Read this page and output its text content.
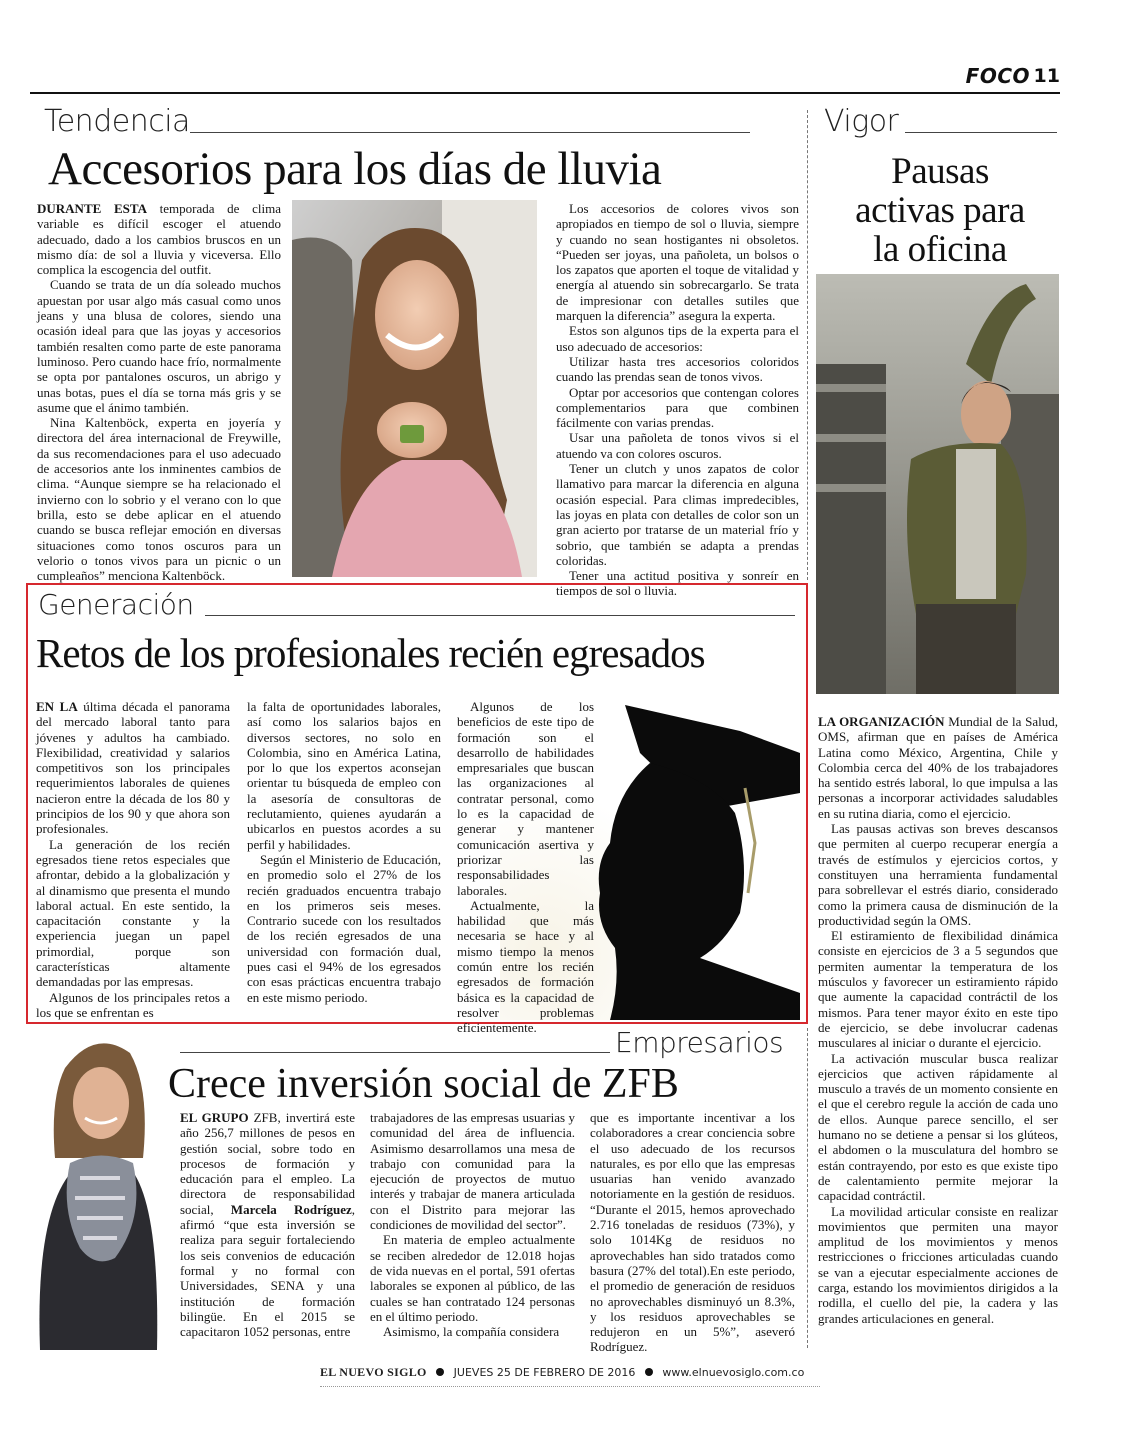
FOCO 11
Tendencia
Accesorios para los días de lluvia

DURANTE ESTA temporada de clima variable es difícil escoger el atuendo adecuado, dado a los cambios bruscos en un mismo día: de sol a lluvia y viceversa. Ello complica la escogencia del outfit.

Cuando se trata de un día soleado muchos apuestan por usar algo más casual como unos jeans y una blusa de colores, siendo una ocasión ideal para que las joyas y accesorios también resalten como parte de este panorama luminoso. Pero cuando hace frío, normalmente se opta por pantalones oscuros, un abrigo y unas botas, pues el día se torna más gris y se asume que el ánimo también.

Nina Kaltenböck, experta en joyería y directora del área internacional de Freywille, da sus recomendaciones para el uso adecuado de accesorios ante los inminentes cambios de clima. “Aunque siempre se ha relacionado el invierno con lo sobrio y el verano con lo que brilla, esto se debe aplicar en el atuendo cuando se busca reflejar emoción en diversas situaciones como tonos oscuros para un velorio o tonos vivos para un picnic o un cumpleaños” menciona Kaltenböck.

Los accesorios de colores vivos son apropiados en tiempo de sol o lluvia, siempre y cuando no sean hostigantes ni obsoletos. “Pueden ser joyas, una pañoleta, un bolsos o los zapatos que aporten el toque de vitalidad y energía al atuendo sin sobrecargarlo. Se trata de impresionar con detalles sutiles que marquen la diferencia” asegura la experta.

Estos son algunos tips de la experta para el uso adecuado de accesorios:

Utilizar hasta tres accesorios coloridos cuando las prendas sean de tonos vivos.

Optar por accesorios que contengan colores complementarios para que combinen fácilmente con varias prendas.

Usar una pañoleta de tonos vivos si el atuendo va con colores oscuros.

Tener un clutch y unos zapatos de color llamativo para marcar la diferencia en alguna ocasión especial. Para climas impredecibles, las joyas en plata con detalles de color son un gran acierto por tratarse de un material frío y sobrio, que también se adapta a prendas coloridas.

Tener una actitud positiva y sonreír en tiempos de sol o lluvia.

Vigor
Pausas
activas para
la oficina

LA ORGANIZACIÓN Mundial de la Salud, OMS, afirman que en países de América Latina como México, Argentina, Chile y Colombia cerca del 40% de los trabajadores ha sentido estrés laboral, lo que impulsa a las personas a incorporar actividades saludables en su rutina diaria, como el ejercicio.

Las pausas activas son breves descansos que permiten al cuerpo recuperar energía a través de estímulos y ejercicios cortos, y constituyen una herramienta fundamental para sobrellevar el estrés diario, considerado como la primera causa de disminución de la productividad según la OMS.

El estiramiento de flexibilidad dinámica consiste en ejercicios de 3 a 5 segundos que permiten aumentar la temperatura de los músculos y favorecer un estiramiento rápido que aumente la capacidad contráctil de los mismos. Para tener mayor éxito en este tipo de ejercicio, se debe involucrar cadenas musculares al iniciar o durante el ejercicio.

La activación muscular busca realizar ejercicios que activen rápidamente al musculo a través de un momento consiente en el que el cerebro regule la acción de cada uno de ellos. Aunque parece sencillo, el ser humano no se detiene a pensar si los glúteos, el abdomen o la musculatura del hombro se están contrayendo, por esto es que existe tipo de calentamiento permite mejorar la capacidad contráctil.

La movilidad articular consiste en realizar movimientos que permiten una mayor amplitud de los movimientos y menos restricciones o fricciones articuladas cuando se van a ejecutar especialmente acciones de carga, estando los movimientos dirigidos a la rodilla, el cuello del pie, la cadera y las grandes articulaciones en general.

Generación
Retos de los profesionales recién egresados

EN LA última década el panorama del mercado laboral tanto para jóvenes y adultos ha cambiado. Flexibilidad, creatividad y salarios competitivos son los principales requerimientos laborales de quienes nacieron entre la década de los 80 y principios de los 90 y que ahora son profesionales.

La generación de los recién egresados tiene retos especiales que afrontar, debido a la globalización y al dinamismo que presenta el mundo laboral actual. En este sentido, la capacitación constante y la experiencia juegan un papel primordial, porque son características altamente demandadas por las empresas.

Algunos de los principales retos a los que se enfrentan es

la falta de oportunidades laborales, así como los salarios bajos en diversos sectores, no solo en Colombia, sino en América Latina, por lo que los expertos aconsejan orientar tu búsqueda de empleo con la asesoría de consultoras de reclutamiento, quienes ayudarán a ubicarlos en puestos acordes a su perfil y habilidades.

Según el Ministerio de Educación, en promedio solo el 27% de los recién graduados encuentra trabajo en los primeros seis meses. Contrario sucede con los resultados de los recién egresados de una universidad con formación dual, pues casi el 94% de los egresados con esas prácticas encuentra trabajo en este mismo periodo.

Algunos de los beneficios de este tipo de formación son el desarrollo de habilidades empresariales que buscan las organizaciones al contratar personal, como lo es la capacidad de generar y mantener comunicación asertiva y priorizar las responsabilidades laborales.

Actualmente, la habilidad que más necesaria se hace y al mismo tiempo la menos común entre los recién egresados de formación básica es la capacidad de resolver problemas eficientemente.	Empresarios
Crece inversión social de ZFB

EL GRUPO ZFB, invertirá este año 256,7 millones de pesos en gestión social, sobre todo en procesos de formación y educación para el empleo. La directora de responsabilidad social, Marcela Rodríguez, afirmó “que esta inversión se realiza para seguir fortaleciendo los seis convenios de educación formal y no formal con Universidades, SENA y una institución de formación bilingüe. En el 2015 se capacitaron 1052 personas, entre

trabajadores de las empresas usuarias y comunidad del área de influencia. Asimismo desarrollamos una mesa de trabajo con comunidad para la ejecución de proyectos de mutuo interés y trabajar de manera articulada con el Distrito para mejorar las condiciones de movilidad del sector”.

En materia de empleo actualmente se reciben alrededor de 12.018 hojas de vida nuevas en el portal, 591 ofertas laborales se exponen al público, de las cuales se han contratado 124 personas en el último periodo.

Asimismo, la compañía considera

que es importante incentivar a los colaboradores a crear conciencia sobre el uso adecuado de los recursos naturales, es por ello que las empresas usuarias han venido avanzado notoriamente en la gestión de residuos. “Durante el 2015, hemos aprovechado 2.716 toneladas de residuos (73%), y solo 1014Kg de residuos no aprovechables han sido tratados como basura (27% del total).En este periodo, el promedio de generación de residuos no aprovechables disminuyó un 8.3%, y los residuos aprovechables se redujeron en un 5%”, aseveró Rodríguez.

EL NUEVO SIGLO JUEVES 25 DE FEBRERO DE 2016 www.elnuevosiglo.com.co
